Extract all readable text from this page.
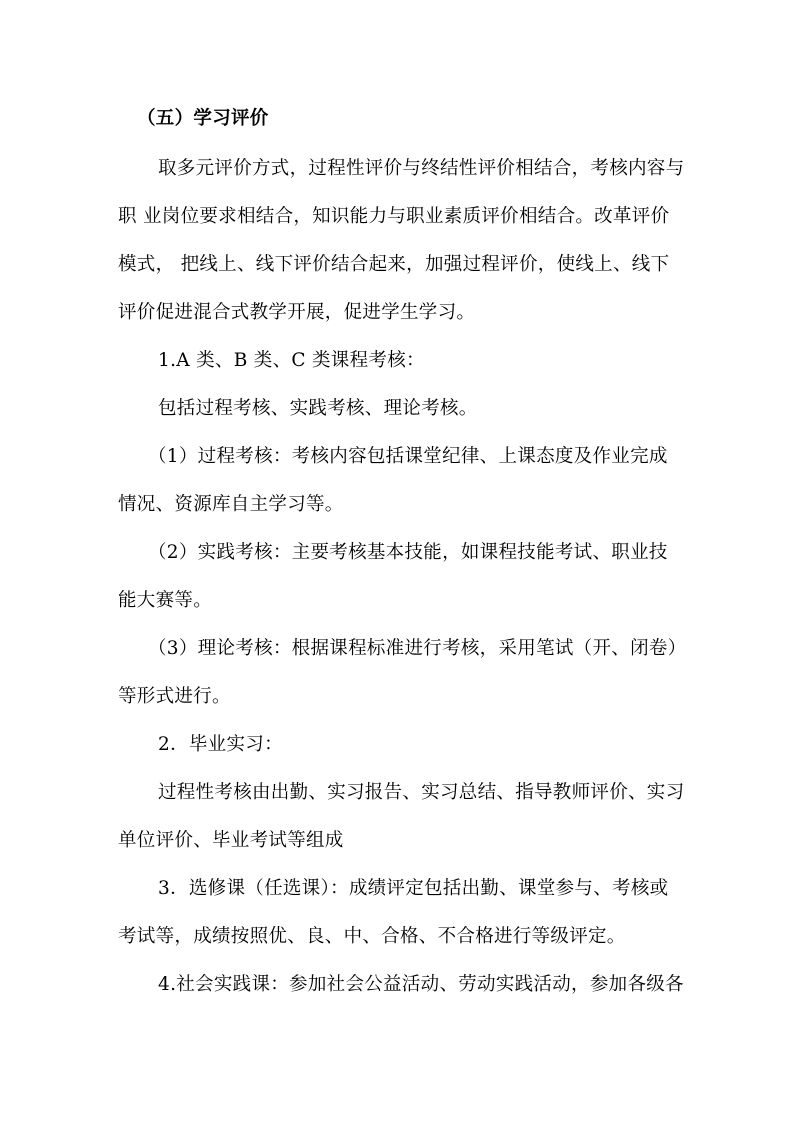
（五）学习评价
取多元评价方式，过程性评价与终结性评价相结合，考核内容与
职 业岗位要求相结合，知识能力与职业素质评价相结合。改革评价
模式， 把线上、线下评价结合起来，加强过程评价，使线上、线下
评价促进混合式教学开展，促进学生学习。
1.A 类、B 类、C 类课程考核：
包括过程考核、实践考核、理论考核。
（1）过程考核：考核内容包括课堂纪律、上课态度及作业完成
情况、资源库自主学习等。
（2）实践考核：主要考核基本技能，如课程技能考试、职业技
能大赛等。
（3）理论考核：根据课程标准进行考核，采用笔试（开、闭卷）
等形式进行。
2．毕业实习：
过程性考核由出勤、实习报告、实习总结、指导教师评价、实习
单位评价、毕业考试等组成
3．选修课（任选课）：成绩评定包括出勤、课堂参与、考核或
考试等，成绩按照优、良、中、合格、不合格进行等级评定。
4.社会实践课：参加社会公益活动、劳动实践活动，参加各级各
